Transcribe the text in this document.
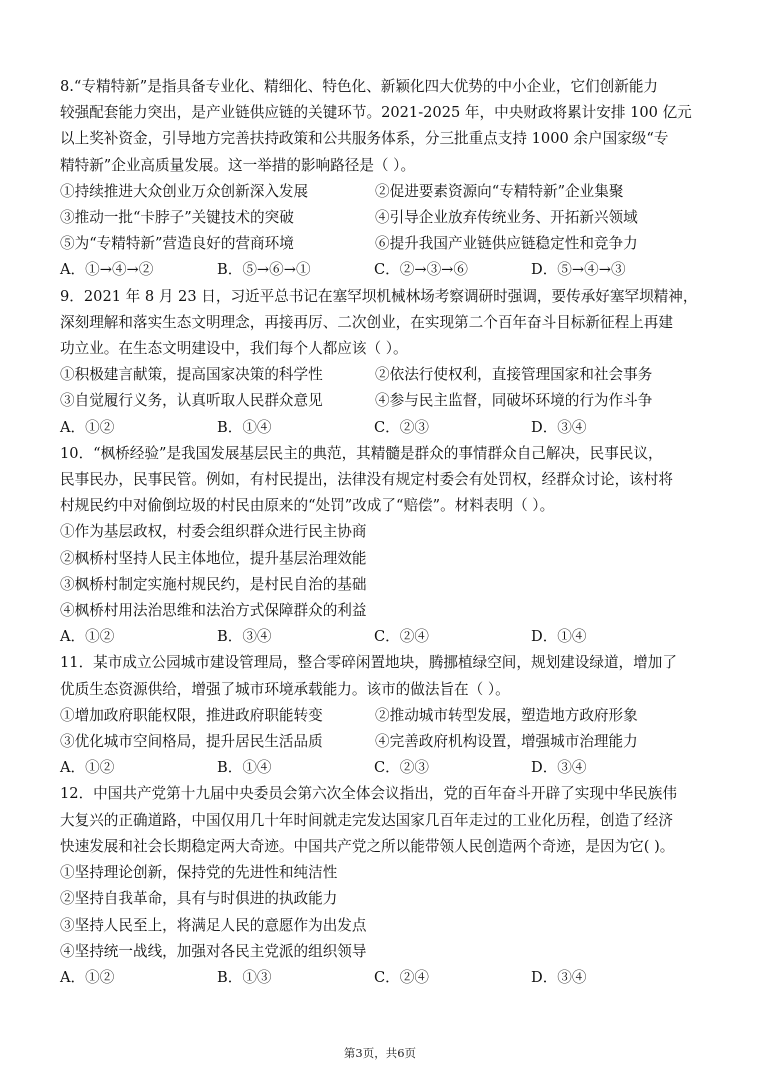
8.“专精特新”是指具备专业化、精细化、特色化、新颖化四大优势的中小企业，它们创新能力
较强配套能力突出，是产业链供应链的关键环节。2021-2025 年，中央财政将累计安排 100 亿元
以上奖补资金，引导地方完善扶持政策和公共服务体系，分三批重点支持 1000 余户国家级“专
精特新”企业高质量发展。这一举措的影响路径是（ ）。
①持续推进大众创业万众创新深入发展	②促进要素资源向“专精特新”企业集聚
③推动一批“卡脖子”关键技术的突破	④引导企业放弃传统业务、开拓新兴领域
⑤为“专精特新”营造良好的营商环境	⑥提升我国产业链供应链稳定性和竞争力
A．①→④→②	B．⑤→⑥→①	C．②→③→⑥	D．⑤→④→③
9．2021 年 8 月 23 日，习近平总书记在塞罕坝机械林场考察调研时强调，要传承好塞罕坝精神，
深刻理解和落实生态文明理念，再接再厉、二次创业，在实现第二个百年奋斗目标新征程上再建
功立业。在生态文明建设中，我们每个人都应该（ ）。
①积极建言献策，提高国家决策的科学性	②依法行使权利，直接管理国家和社会事务
③自觉履行义务，认真听取人民群众意见	④参与民主监督，同破坏环境的行为作斗争
A．①②	B．①④	C．②③	D．③④
10．“枫桥经验”是我国发展基层民主的典范，其精髓是群众的事情群众自己解决，民事民议，
民事民办，民事民管。例如，有村民提出，法律没有规定村委会有处罚权，经群众讨论，该村将
村规民约中对偷倒垃圾的村民由原来的“处罚”改成了“赔偿”。材料表明（ ）。
①作为基层政权，村委会组织群众进行民主协商
②枫桥村坚持人民主体地位，提升基层治理效能
③枫桥村制定实施村规民约，是村民自治的基础
④枫桥村用法治思维和法治方式保障群众的利益
A．①②	B．③④	C．②④	D．①④
11．某市成立公园城市建设管理局，整合零碎闲置地块，腾挪植绿空间，规划建设绿道，增加了
优质生态资源供给，增强了城市环境承载能力。该市的做法旨在（ ）。
①增加政府职能权限，推进政府职能转变	②推动城市转型发展，塑造地方政府形象
③优化城市空间格局，提升居民生活品质	④完善政府机构设置，增强城市治理能力
A．①②	B．①④	C．②③	D．③④
12．中国共产党第十九届中央委员会第六次全体会议指出，党的百年奋斗开辟了实现中华民族伟
大复兴的正确道路，中国仅用几十年时间就走完发达国家几百年走过的工业化历程，创造了经济
快速发展和社会长期稳定两大奇迹。中国共产党之所以能带领人民创造两个奇迹，是因为它( )。
①坚持理论创新，保持党的先进性和纯洁性
②坚持自我革命，具有与时俱进的执政能力
③坚持人民至上，将满足人民的意愿作为出发点
④坚持统一战线，加强对各民主党派的组织领导
A．①②	B．①③	C．②④	D．③④
第3页，共6页
